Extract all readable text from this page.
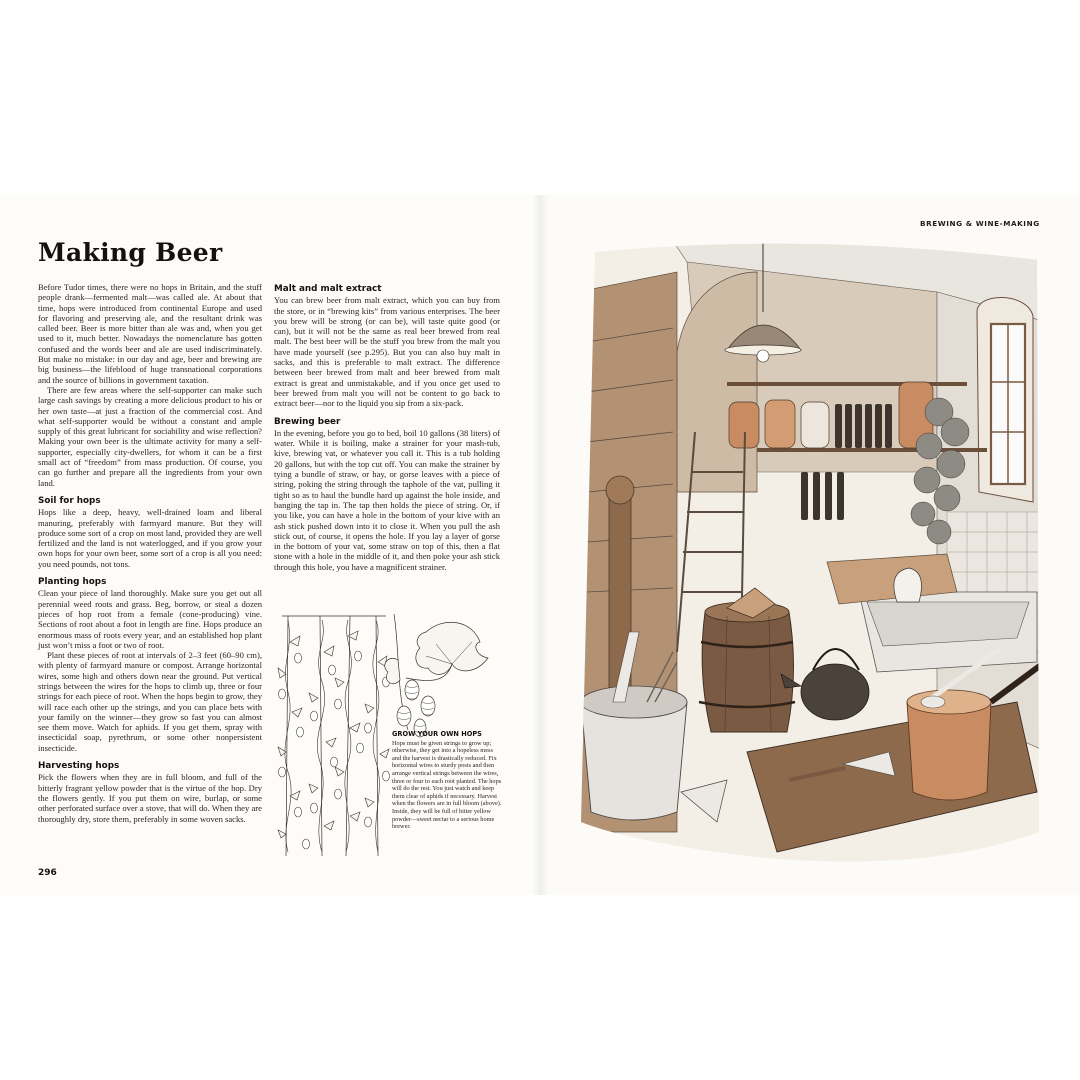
Making Beer
BREWING & WINE-MAKING

Before Tudor times, there were no hops in Britain, and the stuff people drank—fermented malt—was called ale. At about that time, hops were introduced from continental Europe and used for flavoring and preserving ale, and the resultant drink was called beer. Beer is more bitter than ale was and, when you get used to it, much better. Nowadays the nomenclature has gotten confused and the words beer and ale are used indiscriminately. But make no mistake: in our day and age, beer and brewing are big business—the lifeblood of huge transnational corporations and the source of billions in government taxation.

There are few areas where the self-supporter can make such large cash savings by creating a more delicious product to his or her own taste—at just a fraction of the commercial cost. And what self-supporter would be without a constant and ample supply of this great lubricant for sociability and wise reflection? Making your own beer is the ultimate activity for many a self-supporter, especially city-dwellers, for whom it can be a first small act of “freedom” from mass production. Of course, you can go further and prepare all the ingredients from your own land.

Soil for hops

Hops like a deep, heavy, well-drained loam and liberal manuring, preferably with farmyard manure. But they will produce some sort of a crop on most land, provided they are well fertilized and the land is not waterlogged, and if you grow your own hops for your own beer, some sort of a crop is all you need: you need pounds, not tons.

Planting hops

Clean your piece of land thoroughly. Make sure you get out all perennial weed roots and grass. Beg, borrow, or steal a dozen pieces of hop root from a female (cone-producing) vine. Sections of root about a foot in length are fine. Hops produce an enormous mass of roots every year, and an established hop plant just won’t miss a foot or two of root.

Plant these pieces of root at intervals of 2–3 feet (60–90 cm), with plenty of farmyard manure or compost. Arrange horizontal wires, some high and others down near the ground. Put vertical strings between the wires for the hops to climb up, three or four strings for each piece of root. When the hops begin to grow, they will race each other up the strings, and you can place bets with your family on the winner—they grow so fast you can almost see them move. Watch for aphids. If you get them, spray with insecticidal soap, pyrethrum, or some other nonpersistent insecticide.

Harvesting hops

Pick the flowers when they are in full bloom, and full of the bitterly fragrant yellow powder that is the virtue of the hop. Dry the flowers gently. If you put them on wire, burlap, or some other perforated surface over a stove, that will do. When they are thoroughly dry, store them, preferably in some woven sacks.

Malt and malt extract

You can brew beer from malt extract, which you can buy from the store, or in “brewing kits” from various enterprises. The beer you brew will be strong (or can be), will taste quite good (or can), but it will not be the same as real beer brewed from real malt. The best beer will be the stuff you brew from the malt you have made yourself (see p.295). But you can also buy malt in sacks, and this is preferable to malt extract. The difference between beer brewed from malt and beer brewed from malt extract is great and unmistakable, and if you once get used to beer brewed from malt you will not be content to go back to extract beer—nor to the liquid you sip from a six-pack.

Brewing beer

In the evening, before you go to bed, boil 10 gallons (38 liters) of water. While it is boiling, make a strainer for your mash-tub, kive, brewing vat, or whatever you call it. This is a tub holding 20 gallons, but with the top cut off. You can make the strainer by tying a bundle of straw, or hay, or gorse leaves with a piece of string, poking the string through the taphole of the vat, pulling it tight so as to haul the bundle hard up against the hole inside, and banging the tap in. The tap then holds the piece of string. Or, if you like, you can have a hole in the bottom of your kive with an ash stick pushed down into it to close it. When you pull the ash stick out, of course, it opens the hole. If you lay a layer of gorse in the bottom of your vat, some straw on top of this, then a flat stone with a hole in the middle of it, and then poke your ash stick through this hole, you have a magnificent strainer.

GROW YOUR OWN HOPS

Hops must be given strings to grow up; otherwise, they get into a hopeless mess and the harvest is drastically reduced. Fix horizontal wires to sturdy posts and then arrange vertical strings between the wires, three or four to each root planted. The hops will do the rest. You just watch and keep them clear of aphids if necessary. Harvest when the flowers are in full bloom (above). Inside, they will be full of bitter yellow powder—sweet nectar to a serious home brewer.

296
